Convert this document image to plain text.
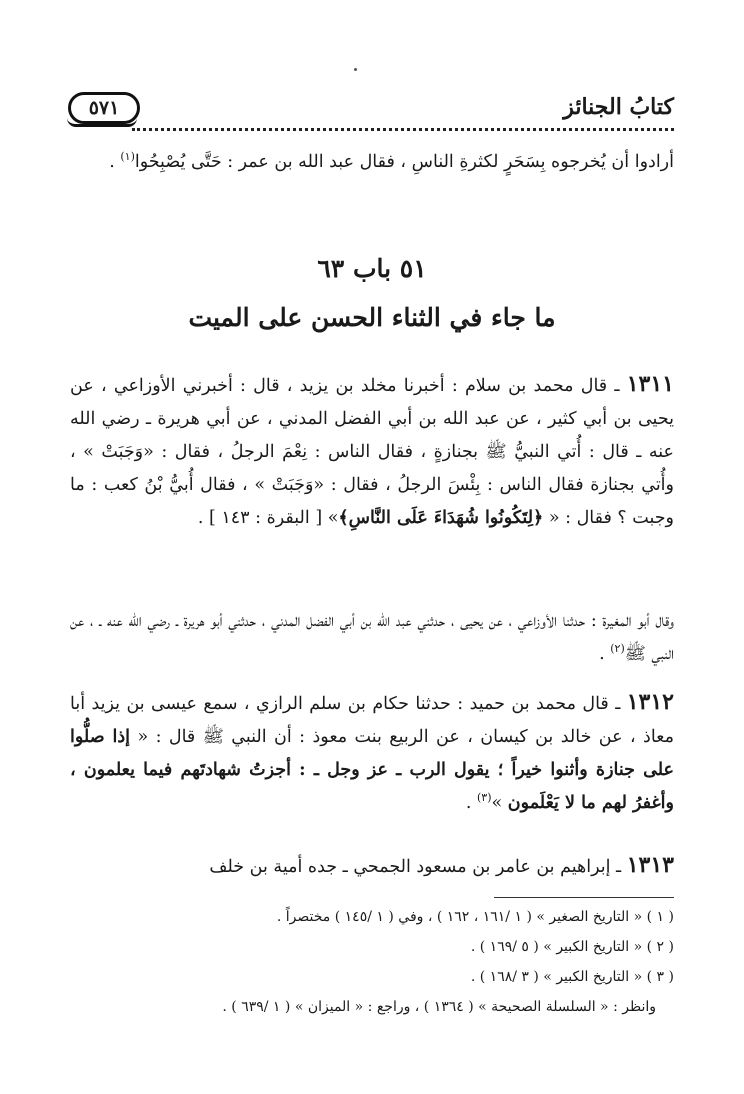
كتابُ الجنائز
٥٧١

أرادوا أن يُخرجوه بِسَحَرٍ لكثرةِ الناسِ ، فقال عبد الله بن عمر : حَتَّى يُصْبِحُوا$^{(١)}$ .

٥١ باب ٦٣
ما جاء في الثناء الحسن على الميت

١٣١١ ـ قال محمد بن سلام : أخبرنا مخلد بن يزيد ، قال : أخبرني الأوزاعي ، عن يحيى بن أبي كثير ، عن عبد الله بن أبي الفضل المدني ، عن أبي هريرة ـ رضي الله عنه ـ قال : أُتي النبيُّ ﷺ بجنازةٍ ، فقال الناس : نِعْمَ الرجلُ ، فقال : «وَجَبَتْ » ، وأُتي بجنازة فقال الناس : بِئْسَ الرجلُ ، فقال : «وَجَبَتْ » ، فقال أُبيُّ بْنُ كعب : ما وجبت ؟ فقال : « ﴿لِتَكُونُوا شُهَدَاءَ عَلَى النَّاسِ﴾» [ البقرة : ١٤٣ ] .

وقال أبو المغيرة : حدثنا الأوزاعي ، عن يحيى ، حدثني عبد الله بن أبي الفضل المدني ، حدثني أبو هريرة ـ رضي الله عنه ـ ، عن النبي ﷺ$^{(٢)}$ .

١٣١٢ ـ قال محمد بن حميد : حدثنا حكام بن سلم الرازي ، سمع عيسى بن يزيد أبا معاذ ، عن خالد بن كيسان ، عن الربيع بنت معوذ : أن النبي ﷺ قال : « إذا صلُّوا على جنازة وأثنوا خيراً ؛ يقول الرب ـ عز وجل ـ : أجزتُ شهادتَهم فيما يعلمون ، وأغفرُ لهم ما لا يَعْلَمون »$^{(٣)}$ .

١٣١٣ ـ إبراهيم بن عامر بن مسعود الجمحي ـ جده أمية بن خلف

( ١ ) « التاريخ الصغير » ( ١ /١٦١ ، ١٦٢ ) ، وفي ( ١ /١٤٥ ) مختصراً .

( ٢ ) « التاريخ الكبير » ( ٥ /١٦٩ ) .

( ٣ ) « التاريخ الكبير » ( ٣ /١٦٨ ) .

وانظر : « السلسلة الصحيحة » ( ١٣٦٤ ) ، وراجع : « الميزان » ( ١ /٦٣٩ ) .
